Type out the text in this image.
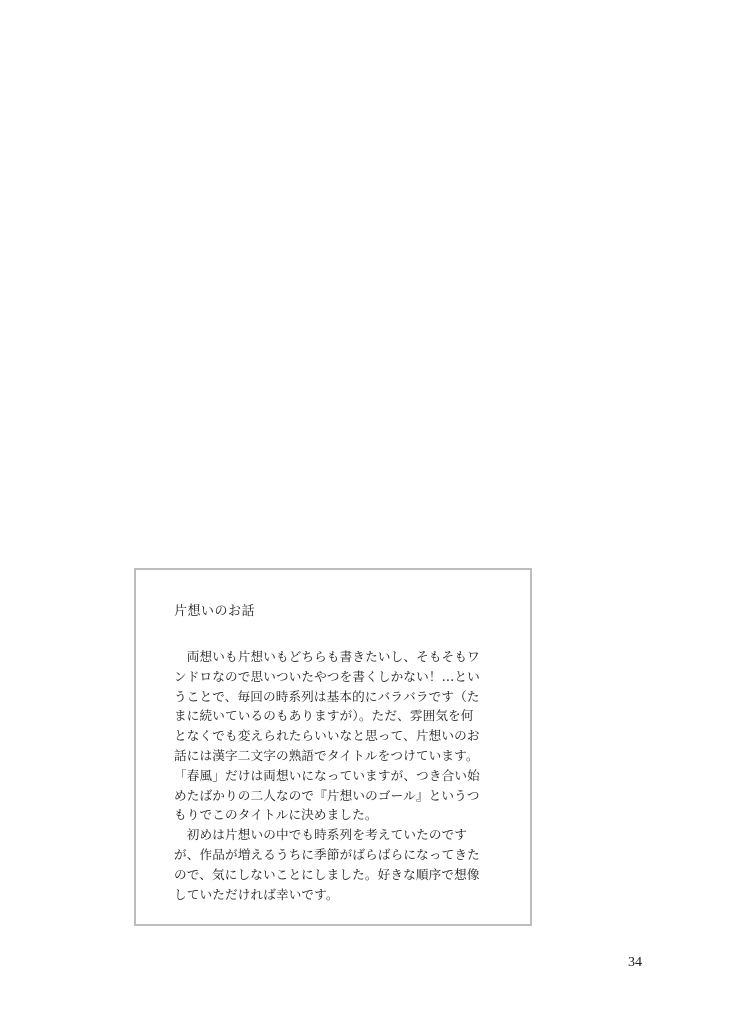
片想いのお話
　両想いも片想いもどちらも書きたいし、そもそもワ
ンドロなので思いついたやつを書くしかない！…とい
うことで、毎回の時系列は基本的にバラバラです（た
まに続いているのもありますが）。ただ、雰囲気を何
となくでも変えられたらいいなと思って、片想いのお
話には漢字二文字の熟語でタイトルをつけています。
「春風」だけは両想いになっていますが、つき合い始
めたばかりの二人なので『片想いのゴール』というつ
もりでこのタイトルに決めました。
　初めは片想いの中でも時系列を考えていたのです
が、作品が増えるうちに季節がばらばらになってきた
ので、気にしないことにしました。好きな順序で想像
していただければ幸いです。
34
